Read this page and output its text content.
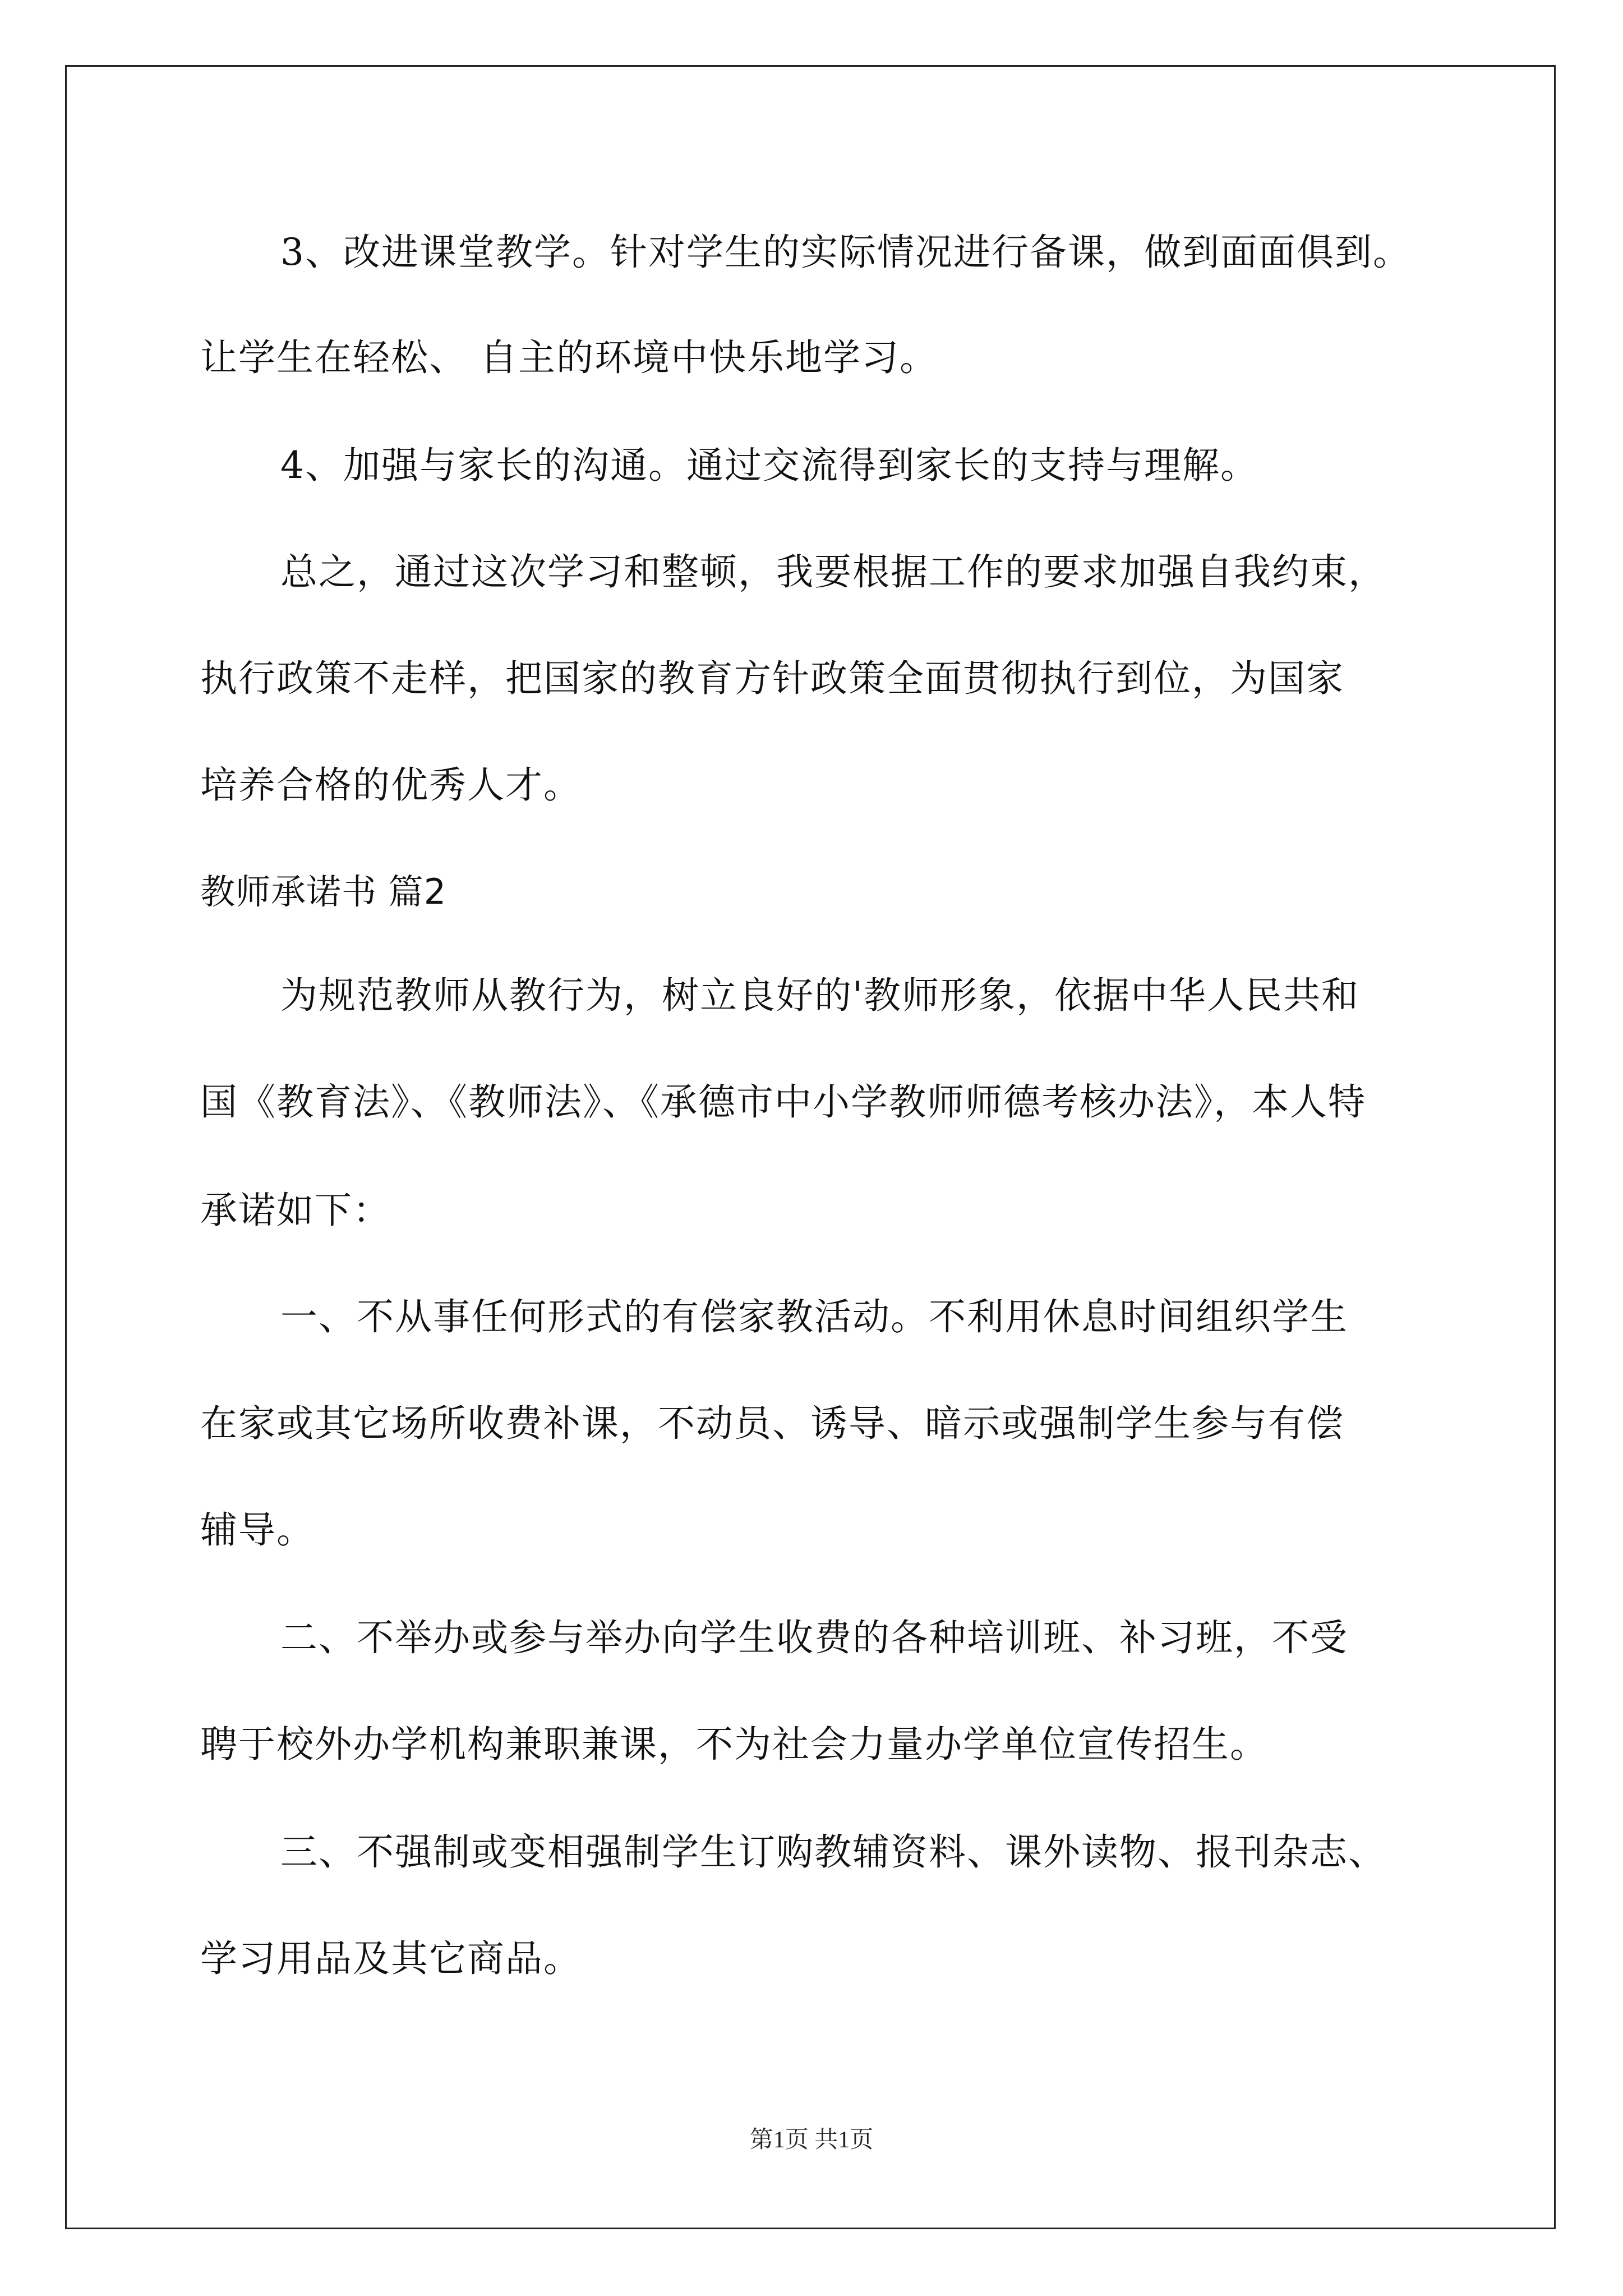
3、改进课堂教学。针对学生的实际情况进行备课，做到面面俱到。
让学生在轻松、 自主的环境中快乐地学习。
4、加强与家长的沟通。通过交流得到家长的支持与理解。
总之，通过这次学习和整顿，我要根据工作的要求加强自我约束，
执行政策不走样，把国家的教育方针政策全面贯彻执行到位，为国家
培养合格的优秀人才。
教师承诺书 篇2
为规范教师从教行为，树立良好的'教师形象，依据中华人民共和
国《教育法》、《教师法》、《承德市中小学教师师德考核办法》，本人特
承诺如下：
一、不从事任何形式的有偿家教活动。不利用休息时间组织学生
在家或其它场所收费补课，不动员、诱导、暗示或强制学生参与有偿
辅导。
二、不举办或参与举办向学生收费的各种培训班、补习班，不受
聘于校外办学机构兼职兼课，不为社会力量办学单位宣传招生。
三、不强制或变相强制学生订购教辅资料、课外读物、报刊杂志、
学习用品及其它商品。
第1页 共1页
